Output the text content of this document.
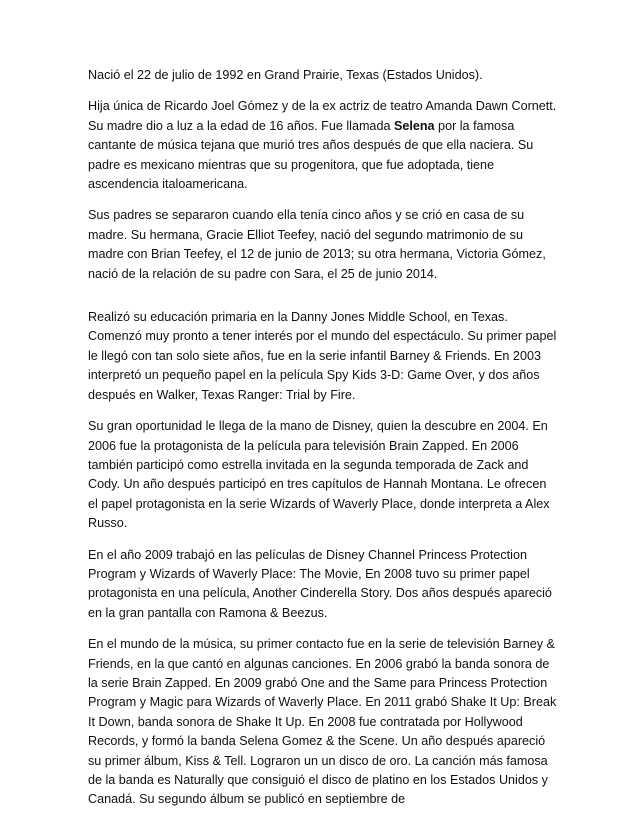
Nació el 22 de julio de 1992 en Grand Prairie, Texas (Estados Unidos).

Hija única de Ricardo Joel Gómez y de la ex actriz de teatro Amanda Dawn Cornett. Su madre dio a luz a la edad de 16 años. Fue llamada Selena por la famosa cantante de música tejana que murió tres años después de que ella naciera. Su padre es mexicano mientras que su progenitora, que fue adoptada, tiene ascendencia italoamericana.

Sus padres se separaron cuando ella tenía cinco años y se crió en casa de su madre. Su hermana, Gracie Elliot Teefey, nació del segundo matrimonio de su madre con Brian Teefey, el 12 de junio de 2013; su otra hermana, Victoria Gómez, nació de la relación de su padre con Sara, el 25 de junio 2014.

Realizó su educación primaria en la Danny Jones Middle School, en Texas. Comenzó muy pronto a tener interés por el mundo del espectáculo. Su primer papel le llegó con tan solo siete años, fue en la serie infantil Barney & Friends. En 2003 interpretó un pequeño papel en la película Spy Kids 3-D: Game Over, y dos años después en Walker, Texas Ranger: Trial by Fire.

Su gran oportunidad le llega de la mano de Disney, quien la descubre en 2004. En 2006 fue la protagonista de la película para televisión Brain Zapped. En 2006 también participó como estrella invitada en la segunda temporada de Zack and Cody. Un año después participó en tres capítulos de Hannah Montana. Le ofrecen el papel protagonista en la serie Wizards of Waverly Place, donde interpreta a Alex Russo.

En el año 2009 trabajó en las películas de Disney Channel Princess Protection Program y Wizards of Waverly Place: The Movie, En 2008 tuvo su primer papel protagonista en una película, Another Cinderella Story. Dos años después apareció en la gran pantalla con Ramona & Beezus.

En el mundo de la música, su primer contacto fue en la serie de televisión Barney & Friends, en la que cantó en algunas canciones. En 2006 grabó la banda sonora de la serie Brain Zapped. En 2009 grabó One and the Same para Princess Protection Program y Magic para Wizards of Waverly Place. En 2011 grabó Shake It Up: Break It Down, banda sonora de Shake It Up. En 2008 fue contratada por Hollywood Records, y formó la banda Selena Gomez & the Scene. Un año después apareció su primer álbum, Kiss & Tell. Lograron un un disco de oro. La canción más famosa de la banda es Naturally que consiguió el disco de platino en los Estados Unidos y Canadá. Su segundo álbum se publicó en septiembre de
